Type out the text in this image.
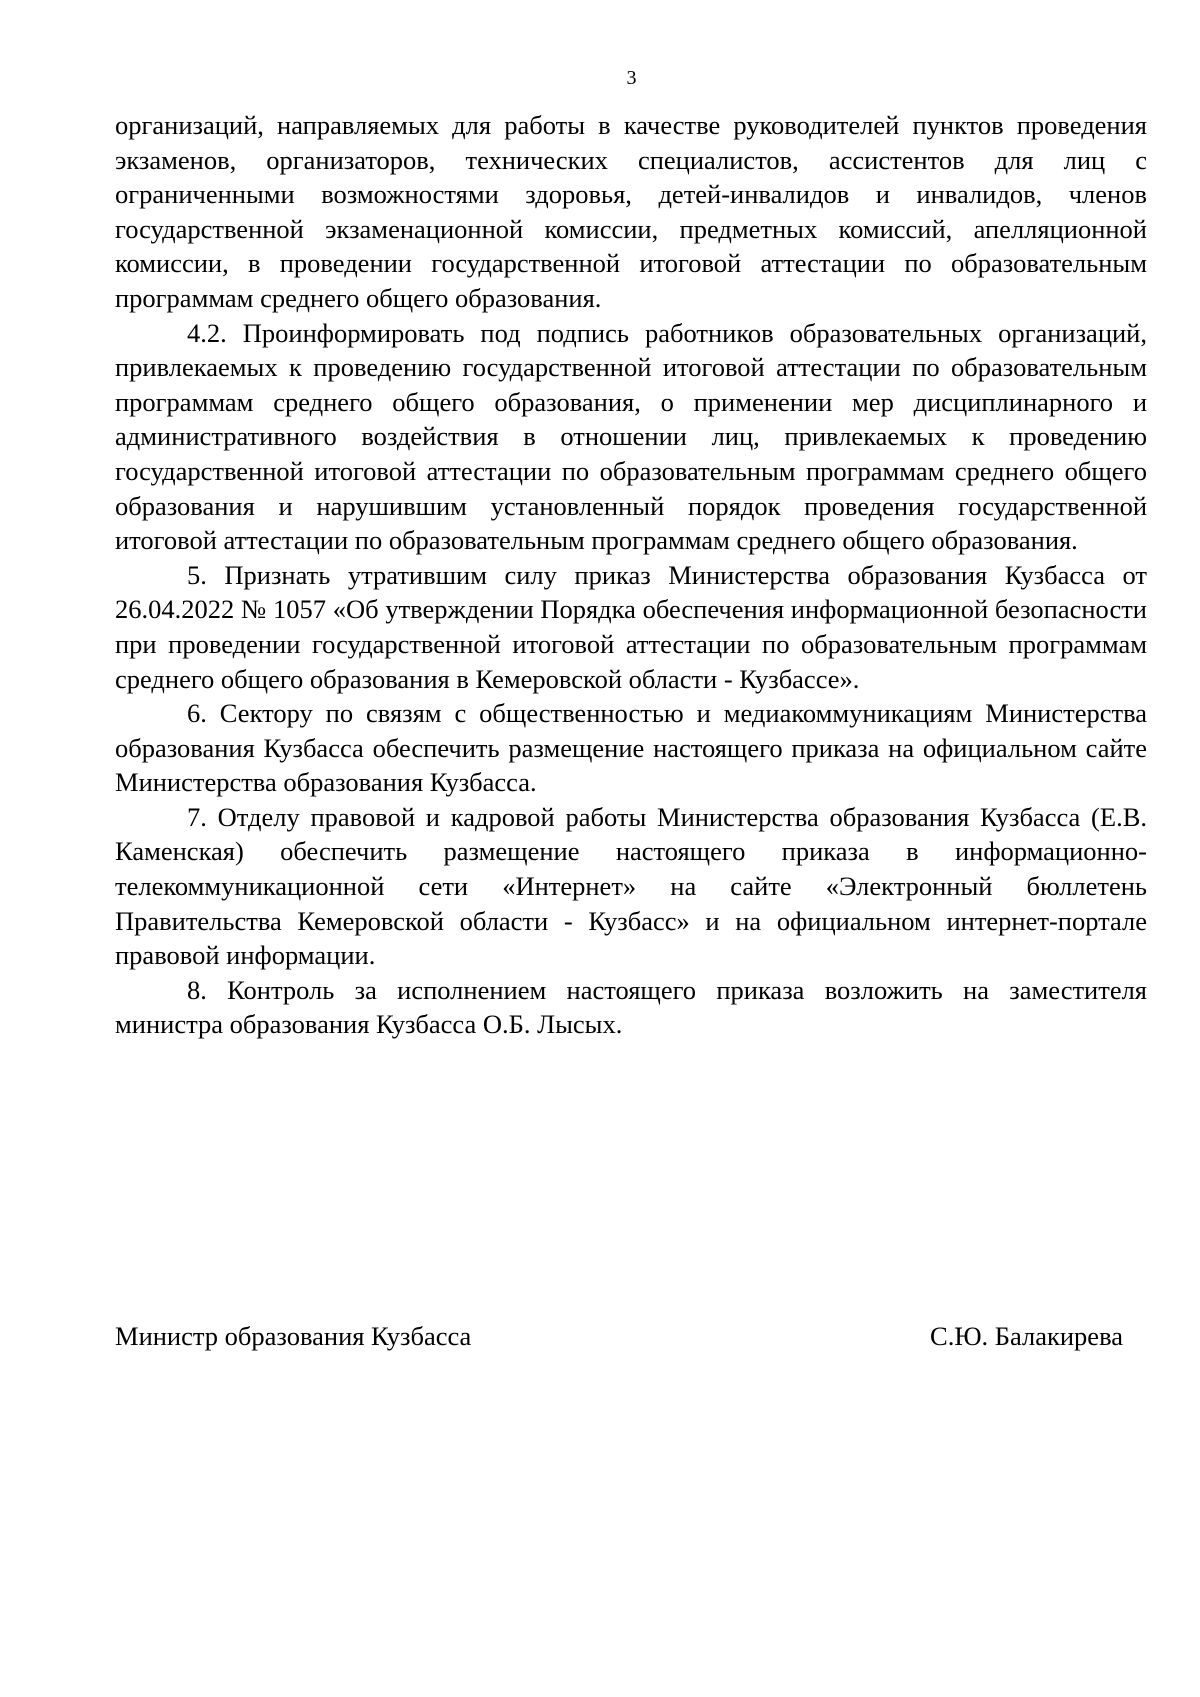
3

организаций, направляемых для работы в качестве руководителей пунктов проведения экзаменов, организаторов, технических специалистов, ассистентов для лиц с ограниченными возможностями здоровья, детей-инвалидов и инвалидов, членов государственной экзаменационной комиссии, предметных комиссий, апелляционной комиссии, в проведении государственной итоговой аттестации по образовательным программам среднего общего образования.

4.2. Проинформировать под подпись работников образовательных организаций, привлекаемых к проведению государственной итоговой аттестации по образовательным программам среднего общего образования, о применении мер дисциплинарного и административного воздействия в отношении лиц, привлекаемых к проведению государственной итоговой аттестации по образовательным программам среднего общего образования и нарушившим установленный порядок проведения государственной итоговой аттестации по образовательным программам среднего общего образования.

5. Признать утратившим силу приказ Министерства образования Кузбасса от 26.04.2022 № 1057 «Об утверждении Порядка обеспечения информационной безопасности при проведении государственной итоговой аттестации по образовательным программам среднего общего образования в Кемеровской области - Кузбассе».

6. Сектору по связям с общественностью и медиакоммуникациям Министерства образования Кузбасса обеспечить размещение настоящего приказа на официальном сайте Министерства образования Кузбасса.

7. Отделу правовой и кадровой работы Министерства образования Кузбасса (Е.В. Каменская) обеспечить размещение настоящего приказа в информационно-телекоммуникационной сети «Интернет» на сайте «Электронный бюллетень Правительства Кемеровской области - Кузбасс» и на официальном интернет-портале правовой информации.

8. Контроль за исполнением настоящего приказа возложить на заместителя министра образования Кузбасса О.Б. Лысых.

Министр образования Кузбасса	С.Ю. Балакирева
